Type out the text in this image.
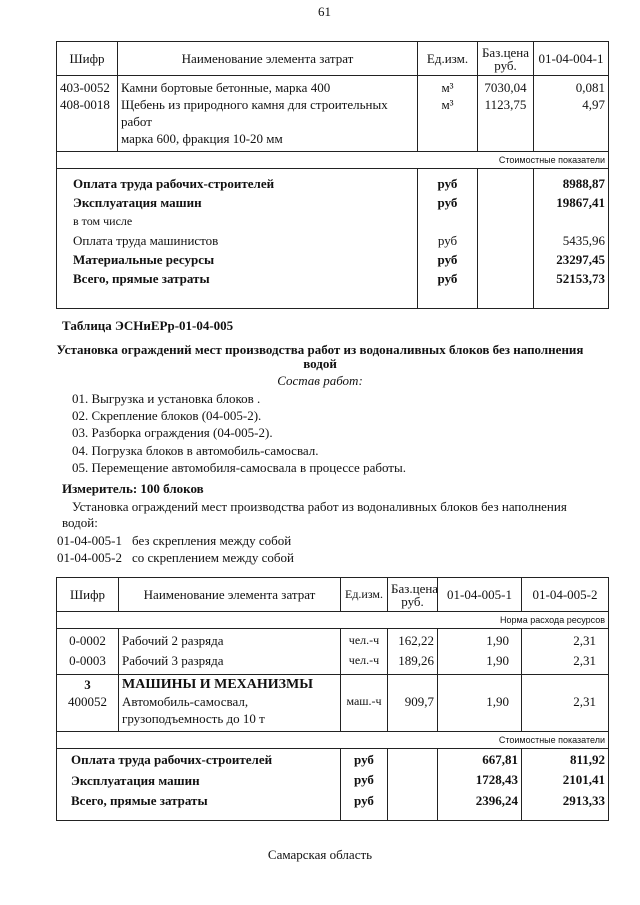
61
Шифр	Наименование элемента затрат	Ед.изм.	Баз.цена руб.	01-04-004-1
403-0052	Камни бортовые бетонные, марка 400	м³	7030,04	0,081
408-0018	Щебень из природного камня для строительных работ
марка 600, фракция 10-20 мм	м³	1123,75	4,97
Стоимостные показатели				

Оплата труда рабочих-строителей		руб		8988,87
Эксплуатация машин		руб		19867,41
в том числе				
Оплата труда машинистов		руб		5435,96
Материальные ресурсы		руб		23297,45
Всего, прямые затраты		руб		52153,73
Таблица ЭСНиЕРр-01-04-005
Установка ограждений мест производства работ из водоналивных блоков без наполнения
водой
Состав работ:
01. Выгрузка и установка блоков .
02. Скрепление блоков (04-005-2).
03. Разборка ограждения (04-005-2).
04. Погрузка блоков в автомобиль-самосвал.
05. Перемещение автомобиля-самосвала в процессе работы.
Измеритель: 100 блоков
Установка ограждений мест производства работ из водоналивных блоков без наполнения
водой:
01-04-005-1 без скрепления между собой
01-04-005-2 со скреплением между собой
Шифр	Наименование элемента затрат	Ед.изм.	Баз.цена руб.	01-04-005-1	01-04-005-2
Норма расхода ресурсов					
0-0002	Рабочий 2 разряда	чел.-ч	162,22	1,90	2,31
0-0003	Рабочий 3 разряда	чел.-ч	189,26	1,90	2,31
3	МАШИНЫ И МЕХАНИЗМЫ				
400052	Автомобиль-самосвал,
грузоподъемность до 10 т	маш.-ч	909,7	1,90	2,31
Стоимостные показатели					
Оплата труда рабочих-строителей		руб		667,81	811,92
Эксплуатация машин		руб		1728,43	2101,41
Всего, прямые затраты		руб		2396,24	2913,33
Самарская область
